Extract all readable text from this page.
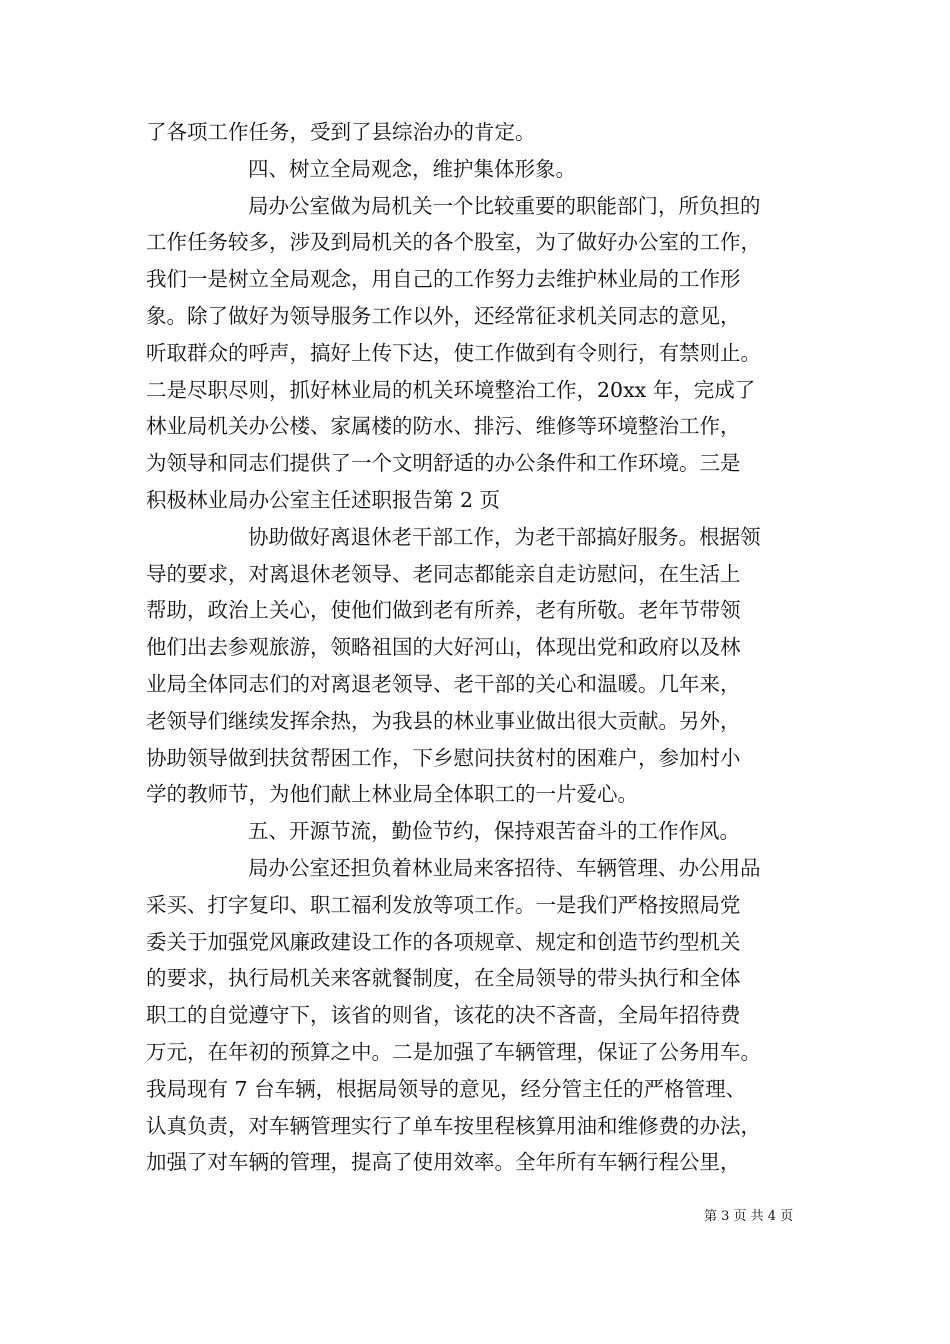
了各项工作任务，受到了县综治办的肯定。
四、树立全局观念，维护集体形象。
局办公室做为局机关一个比较重要的职能部门，所负担的
工作任务较多，涉及到局机关的各个股室，为了做好办公室的工作，
我们一是树立全局观念，用自己的工作努力去维护林业局的工作形
象。除了做好为领导服务工作以外，还经常征求机关同志的意见，
听取群众的呼声，搞好上传下达，使工作做到有令则行，有禁则止。
二是尽职尽则，抓好林业局的机关环境整治工作，20xx 年，完成了
林业局机关办公楼、家属楼的防水、排污、维修等环境整治工作，
为领导和同志们提供了一个文明舒适的办公条件和工作环境。三是
积极林业局办公室主任述职报告第 2 页
协助做好离退休老干部工作，为老干部搞好服务。根据领
导的要求，对离退休老领导、老同志都能亲自走访慰问，在生活上
帮助，政治上关心，使他们做到老有所养，老有所敬。老年节带领
他们出去参观旅游，领略祖国的大好河山，体现出党和政府以及林
业局全体同志们的对离退老领导、老干部的关心和温暖。几年来，
老领导们继续发挥余热，为我县的林业事业做出很大贡献。另外，
协助领导做到扶贫帮困工作，下乡慰问扶贫村的困难户，参加村小
学的教师节，为他们献上林业局全体职工的一片爱心。
五、开源节流，勤俭节约，保持艰苦奋斗的工作作风。
局办公室还担负着林业局来客招待、车辆管理、办公用品
采买、打字复印、职工福利发放等项工作。一是我们严格按照局党
委关于加强党风廉政建设工作的各项规章、规定和创造节约型机关
的要求，执行局机关来客就餐制度，在全局领导的带头执行和全体
职工的自觉遵守下，该省的则省，该花的决不吝啬，全局年招待费
万元，在年初的预算之中。二是加强了车辆管理，保证了公务用车。
我局现有 7 台车辆，根据局领导的意见，经分管主任的严格管理、
认真负责，对车辆管理实行了单车按里程核算用油和维修费的办法，
加强了对车辆的管理，提高了使用效率。全年所有车辆行程公里，
第 3 页 共 4 页
